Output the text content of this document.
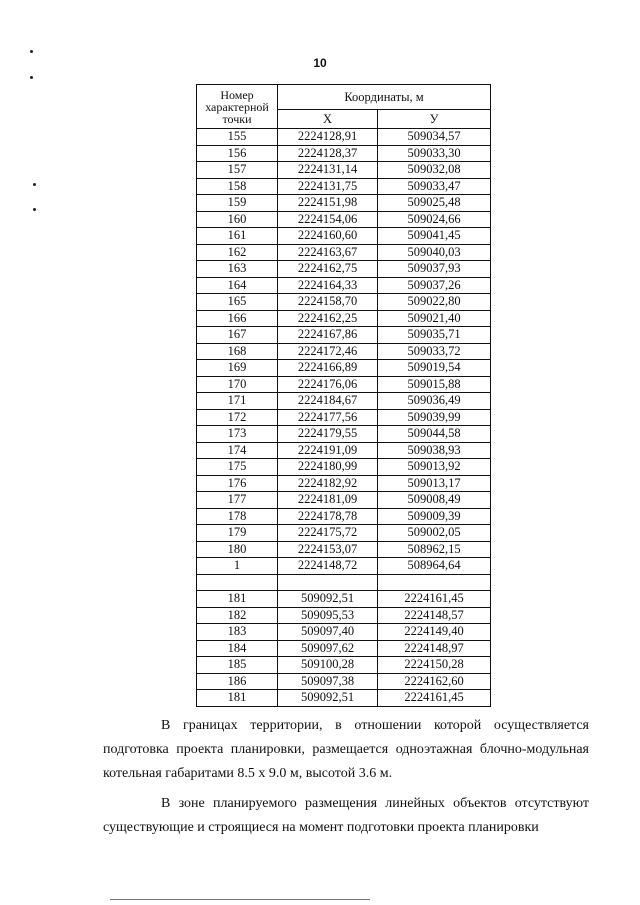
10
Номер характерной точки	Координаты, м	
	X	У
155	2224128,91	509034,57
156	2224128,37	509033,30
157	2224131,14	509032,08
158	2224131,75	509033,47
159	2224151,98	509025,48
160	2224154,06	509024,66
161	2224160,60	509041,45
162	2224163,67	509040,03
163	2224162,75	509037,93
164	2224164,33	509037,26
165	2224158,70	509022,80
166	2224162,25	509021,40
167	2224167,86	509035,71
168	2224172,46	509033,72
169	2224166,89	509019,54
170	2224176,06	509015,88
171	2224184,67	509036,49
172	2224177,56	509039,99
173	2224179,55	509044,58
174	2224191,09	509038,93
175	2224180,99	509013,92
176	2224182,92	509013,17
177	2224181,09	509008,49
178	2224178,78	509009,39
179	2224175,72	509002,05
180	2224153,07	508962,15
1	2224148,72	508964,64

181	509092,51	2224161,45
182	509095,53	2224148,57
183	509097,40	2224149,40
184	509097,62	2224148,97
185	509100,28	2224150,28
186	509097,38	2224162,60
181	509092,51	2224161,45
В границах территории, в отношении которой осуществляется подготовка проекта планировки, размещается одноэтажная блочно-модульная котельная габаритами 8.5 х 9.0 м, высотой 3.6 м.
В зоне планируемого размещения линейных объектов отсутствуют существующие и строящиеся на момент подготовки проекта планировки
